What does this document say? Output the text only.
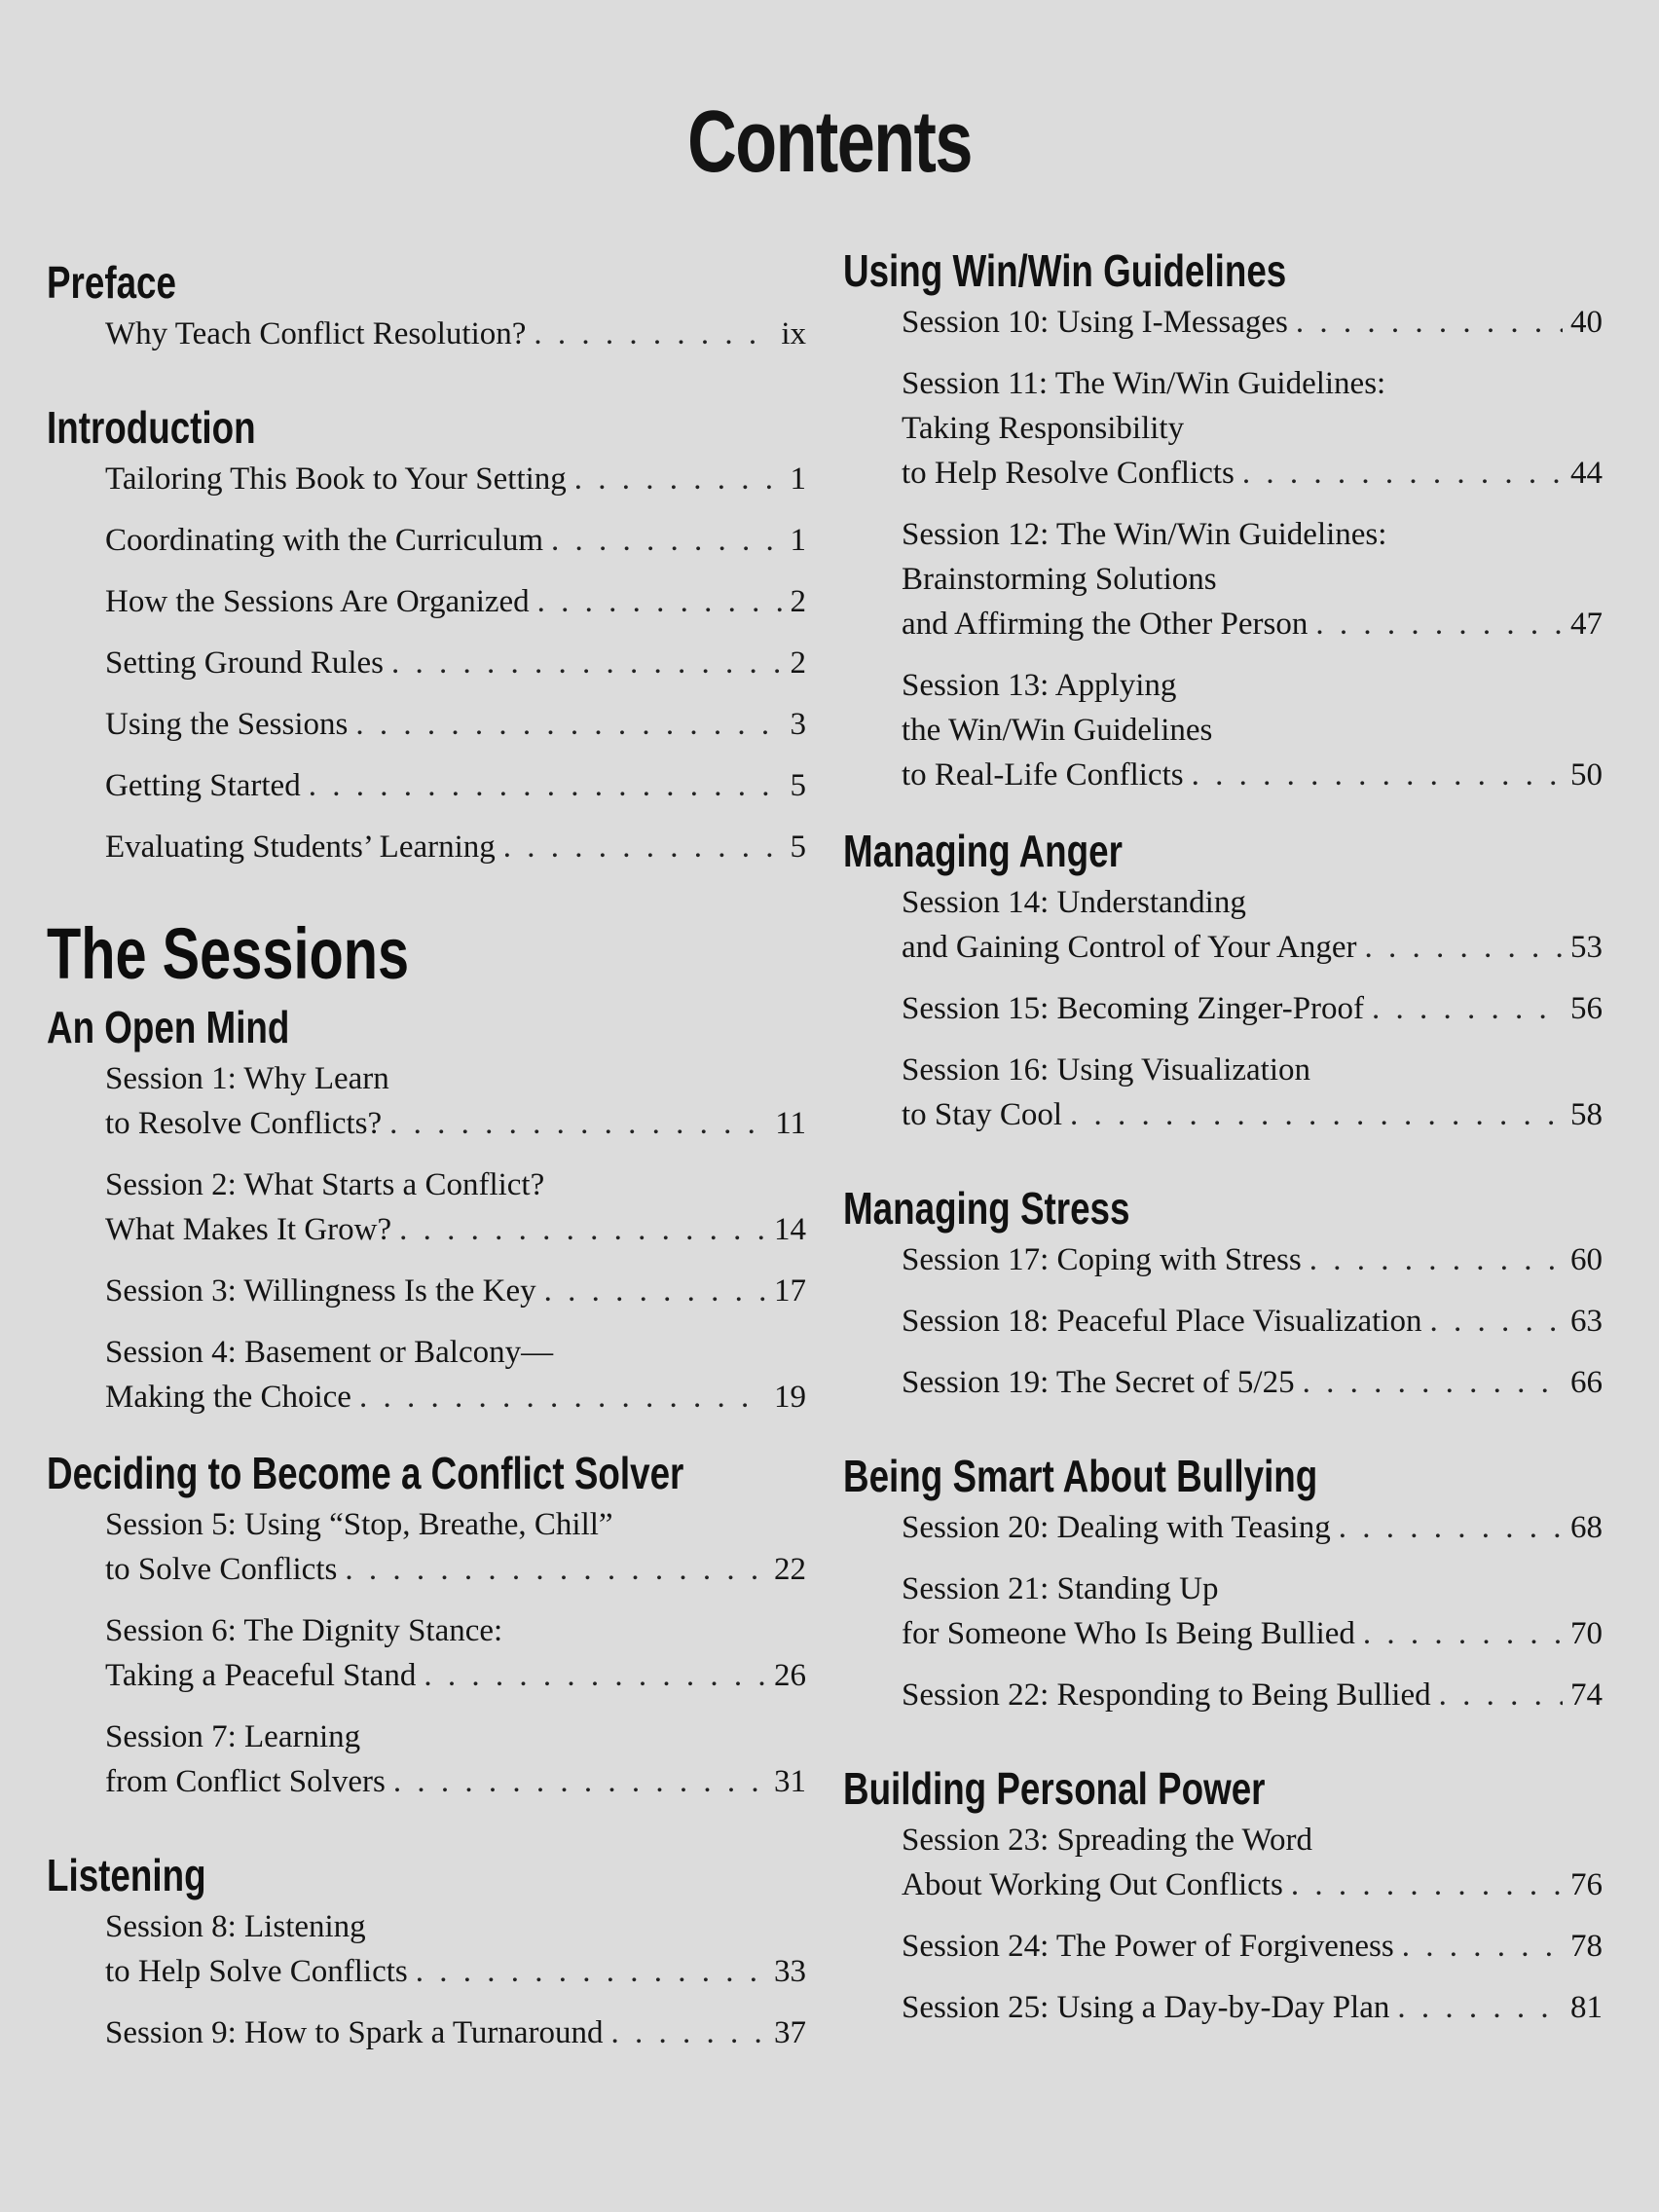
Contents
Preface
Why Teach Conflict Resolution? . . .	ix
Introduction
Tailoring This Book to Your Setting . . .	1
Coordinating with the Curriculum . . .	1
How the Sessions Are Organized . . .	2
Setting Ground Rules . . .	2
Using the Sessions . . .	3
Getting Started . . .	5
Evaluating Students’ Learning . . .	5
The Sessions
An Open Mind
Session 1: Why Learn
to Resolve Conflicts? . . .	11
Session 2: What Starts a Conflict?
What Makes It Grow? . . .	14
Session 3: Willingness Is the Key . . .	17
Session 4: Basement or Balcony—
Making the Choice . . .	19
Deciding to Become a Conflict Solver
Session 5: Using “Stop, Breathe, Chill”
to Solve Conflicts . . .	22
Session 6: The Dignity Stance:
Taking a Peaceful Stand . . .	26
Session 7: Learning
from Conflict Solvers . . .	31
Listening
Session 8: Listening
to Help Solve Conflicts . . .	33
Session 9: How to Spark a Turnaround . . .	37
Using Win/Win Guidelines
Session 10: Using I-Messages . . .	40
Session 11: The Win/Win Guidelines:
Taking Responsibility
to Help Resolve Conflicts . . .	44
Session 12: The Win/Win Guidelines:
Brainstorming Solutions
and Affirming the Other Person . . .	47
Session 13: Applying
the Win/Win Guidelines
to Real-Life Conflicts . . .	50
Managing Anger
Session 14: Understanding
and Gaining Control of Your Anger . . .	53
Session 15: Becoming Zinger-Proof . . .	56
Session 16: Using Visualization
to Stay Cool . . .	58
Managing Stress
Session 17: Coping with Stress . . .	60
Session 18: Peaceful Place Visualization . . .	63
Session 19: The Secret of 5/25 . . .	66
Being Smart About Bullying
Session 20: Dealing with Teasing . . .	68
Session 21: Standing Up
for Someone Who Is Being Bullied . . .	70
Session 22: Responding to Being Bullied . . .	74
Building Personal Power
Session 23: Spreading the Word
About Working Out Conflicts . . .	76
Session 24: The Power of Forgiveness . . .	78
Session 25: Using a Day-by-Day Plan . . .	81
